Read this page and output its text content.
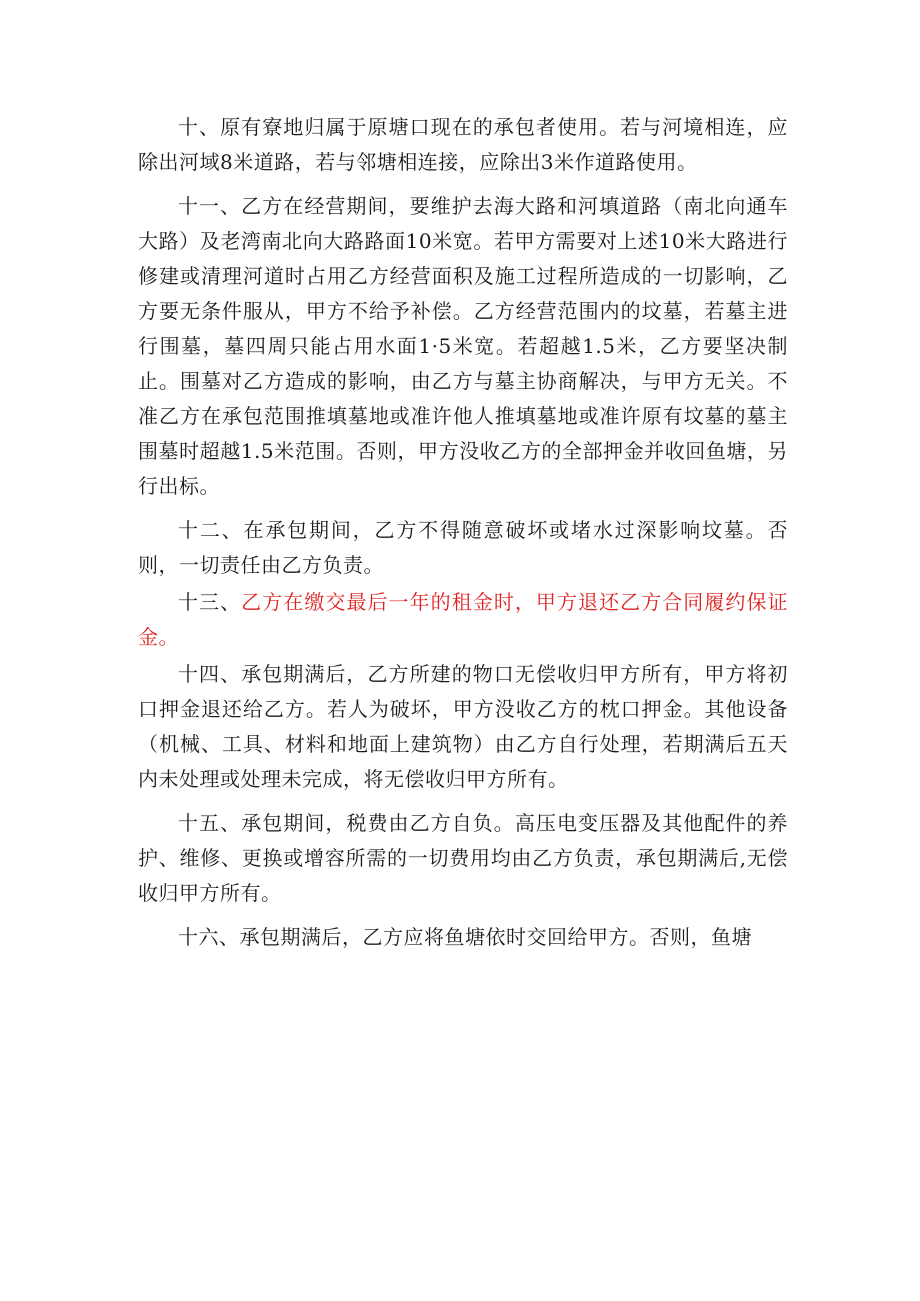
十、原有寮地归属于原塘口现在的承包者使用。若与河境相连，应除出河域8米道路，若与邻塘相连接，应除出3米作道路使用。

十一、乙方在经营期间，要维护去海大路和河填道路（南北向通车大路）及老湾南北向大路路面10米宽。若甲方需要对上述10米大路进行修建或清理河道时占用乙方经营面积及施工过程所造成的一切影响，乙方要无条件服从，甲方不给予补偿。乙方经营范围内的坟墓，若墓主进行围墓，墓四周只能占用水面1·5米宽。若超越1.5米，乙方要坚决制止。围墓对乙方造成的影响，由乙方与墓主协商解决，与甲方无关。不准乙方在承包范围推填墓地或准许他人推填墓地或准许原有坟墓的墓主围墓时超越1.5米范围。否则，甲方没收乙方的全部押金并收回鱼塘，另行出标。

十二、在承包期间，乙方不得随意破坏或堵水过深影响坟墓。否则，一切责任由乙方负责。

十三、乙方在缴交最后一年的租金时，甲方退还乙方合同履约保证金。

十四、承包期满后，乙方所建的物口无偿收归甲方所有，甲方将初口押金退还给乙方。若人为破坏，甲方没收乙方的枕口押金。其他设备（机械、工具、材料和地面上建筑物）由乙方自行处理，若期满后五天内未处理或处理未完成，将无偿收归甲方所有。

十五、承包期间，税费由乙方自负。高压电变压器及其他配件的养护、维修、更换或增容所需的一切费用均由乙方负责，承包期满后,无偿收归甲方所有。

十六、承包期满后，乙方应将鱼塘依时交回给甲方。否则，鱼塘
